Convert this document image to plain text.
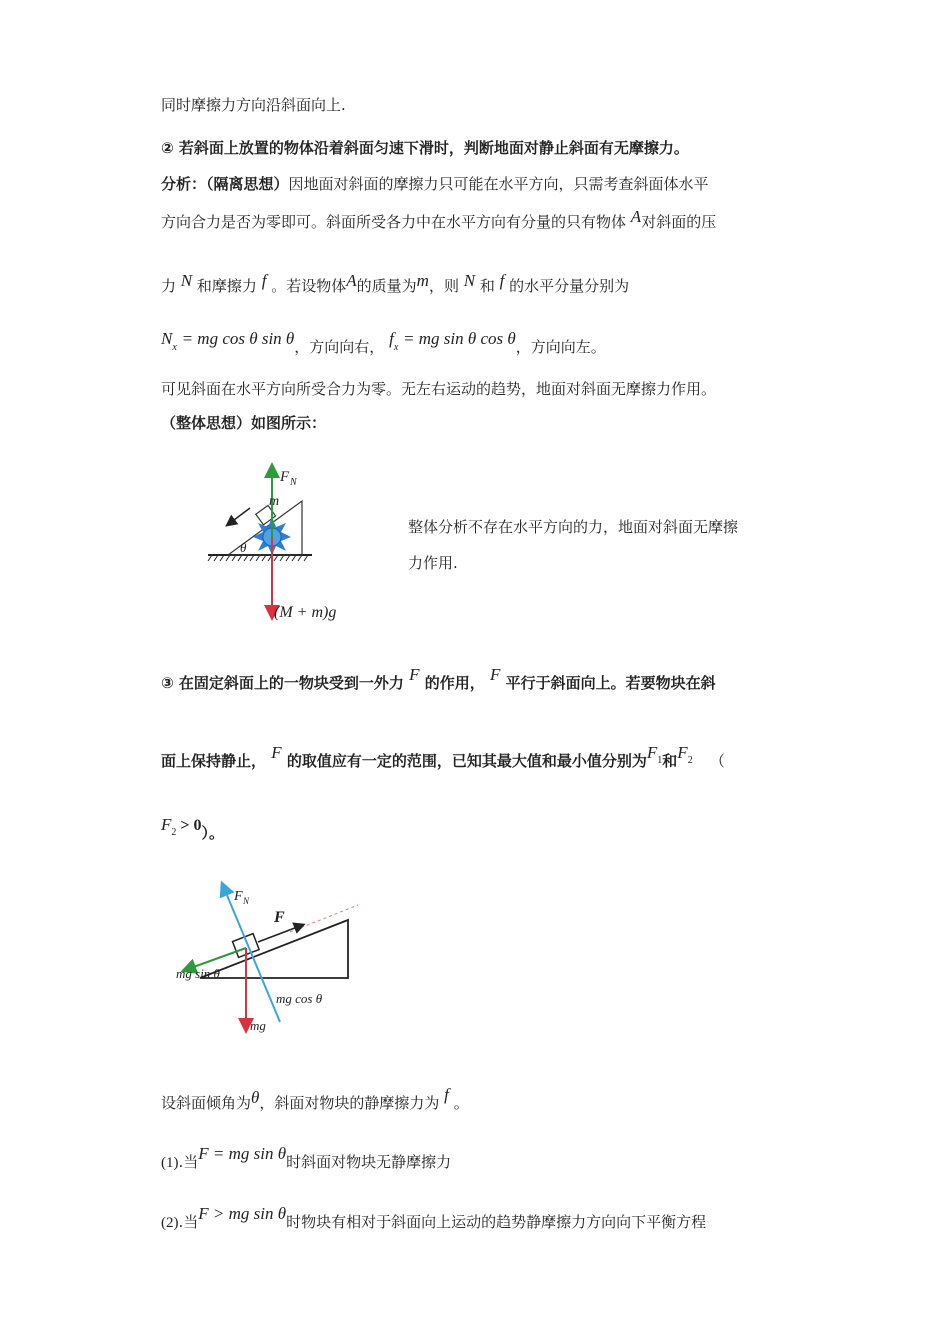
同时摩擦力方向沿斜面向上.
② 若斜面上放置的物体沿着斜面匀速下滑时，判断地面对静止斜面有无摩擦力。
分析：（隔离思想）因地面对斜面的摩擦力只可能在水平方向，只需考查斜面体水平
方向合力是否为零即可。斜面所受各力中在水平方向有分量的只有物体 A对斜面的压
力 N 和摩擦力 f 。若设物体A的质量为m，则 N 和 f 的水平分量分别为
Nx = mg cos θ sin θ，方向向右， fx = mg sin θ cos θ，方向向左。
可见斜面在水平方向所受合力为零。无左右运动的趋势，地面对斜面无摩擦力作用。
（整体思想）如图所示：
F N
m
θ
(M + m)g
整体分析不存在水平方向的力，地面对斜面无摩擦
力作用.
③ 在固定斜面上的一物块受到一外力 F 的作用， F 平行于斜面向上。若要物块在斜
面上保持静止， F 的取值应有一定的范围，已知其最大值和最小值分别为$F^1$和$F^2$ （
$F^2 > 0$）。
F N
F
mg sin θ
mg cos θ
mg
设斜面倾角为θ，斜面对物块的静摩擦力为 f 。
(1).当F = mg sin θ时斜面对物块无静摩擦力
(2).当F > mg sin θ时物块有相对于斜面向上运动的趋势静摩擦力方向向下平衡方程
